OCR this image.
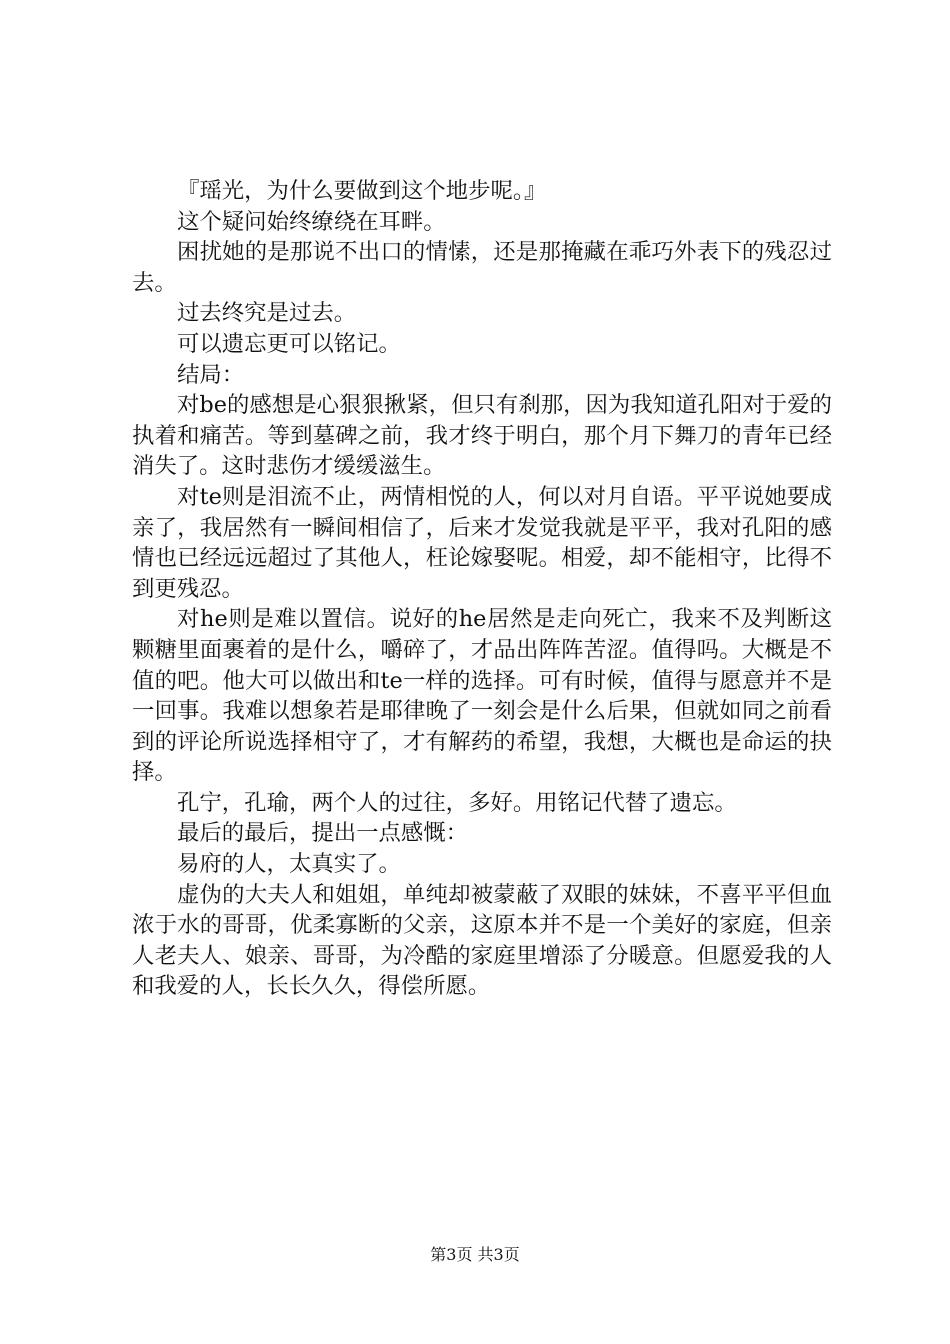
『瑶光，为什么要做到这个地步呢。』

这个疑问始终缭绕在耳畔。

困扰她的是那说不出口的情愫，还是那掩藏在乖巧外表下的残忍过去。

过去终究是过去。

可以遗忘更可以铭记。

结局：

对be的感想是心狠狠揪紧，但只有刹那，因为我知道孔阳对于爱的执着和痛苦。等到墓碑之前，我才终于明白，那个月下舞刀的青年已经消失了。这时悲伤才缓缓滋生。

对te则是泪流不止，两情相悦的人，何以对月自语。平平说她要成亲了，我居然有一瞬间相信了，后来才发觉我就是平平，我对孔阳的感情也已经远远超过了其他人，枉论嫁娶呢。相爱，却不能相守，比得不到更残忍。

对he则是难以置信。说好的he居然是走向死亡，我来不及判断这颗糖里面裹着的是什么，嚼碎了，才品出阵阵苦涩。值得吗。大概是不值的吧。他大可以做出和te一样的选择。可有时候，值得与愿意并不是一回事。我难以想象若是耶律晚了一刻会是什么后果，但就如同之前看到的评论所说选择相守了，才有解药的希望，我想，大概也是命运的抉择。

孔宁，孔瑜，两个人的过往，多好。用铭记代替了遗忘。

最后的最后，提出一点感慨：

易府的人，太真实了。

虚伪的大夫人和姐姐，单纯却被蒙蔽了双眼的妹妹，不喜平平但血浓于水的哥哥，优柔寡断的父亲，这原本并不是一个美好的家庭，但亲人老夫人、娘亲、哥哥，为冷酷的家庭里增添了分暖意。但愿爱我的人和我爱的人，长长久久，得偿所愿。

第3页 共3页
